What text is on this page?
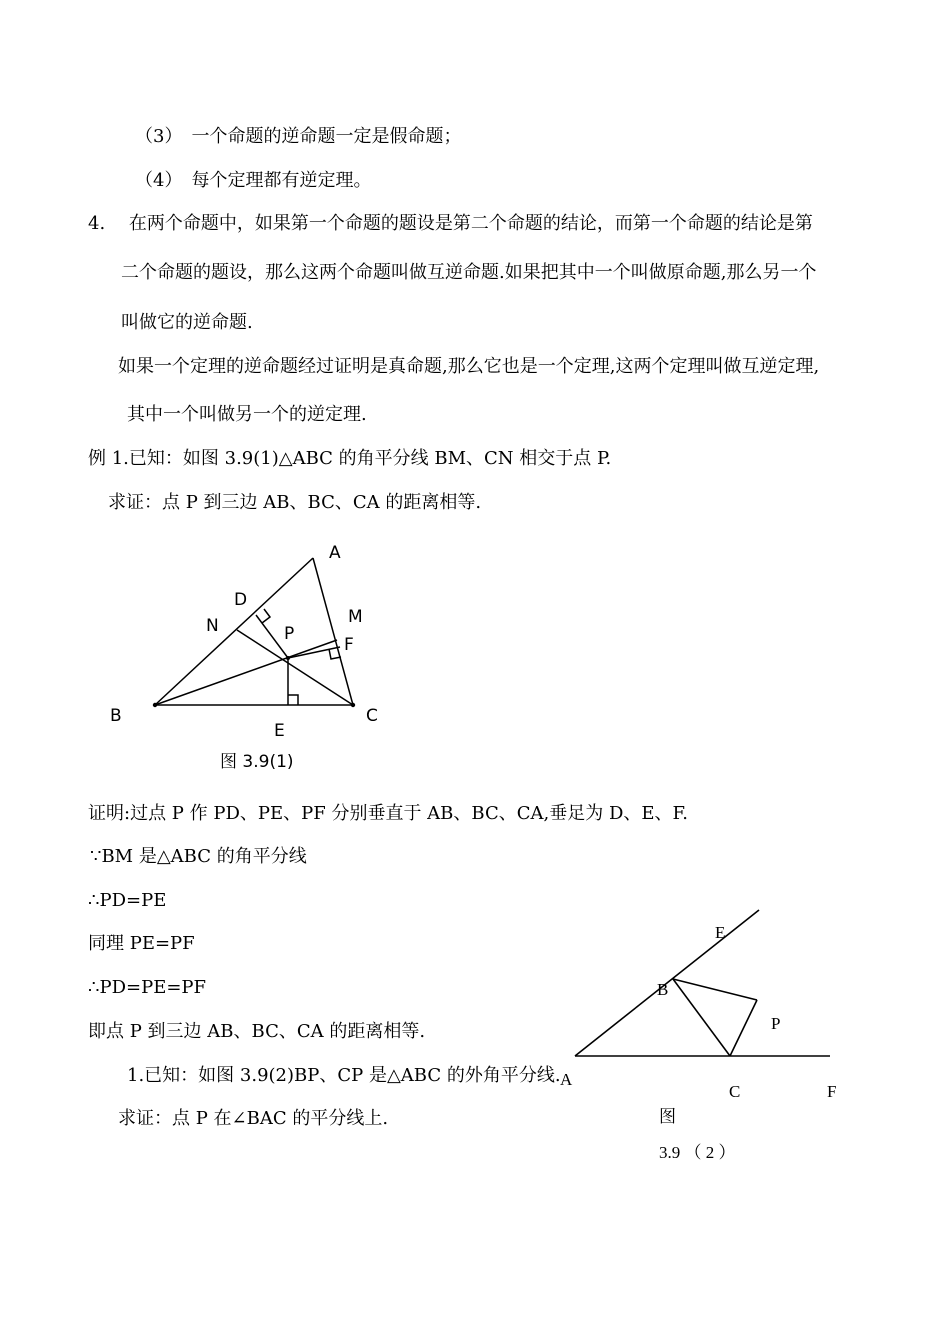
（3）　一个命题的逆命题一定是假命题；
（4）　每个定理都有逆定理。
4.　 在两个命题中，如果第一个命题的题设是第二个命题的结论，而第一个命题的结论是第
二个命题的题设，那么这两个命题叫做互逆命题.如果把其中一个叫做原命题,那么另一个
叫做它的逆命题.
如果一个定理的逆命题经过证明是真命题,那么它也是一个定理,这两个定理叫做互逆定理,
其中一个叫做另一个的逆定理.
例 1.已知：如图 3.9(1)△ABC 的角平分线 BM、CN 相交于点 P.
求证：点 P 到三边 AB、BC、CA 的距离相等.
A
B	C
D
E
F
M
N	P
图 3.9(1)
证明:过点 P 作 PD、PE、PF 分别垂直于 AB、BC、CA,垂足为 D、E、F.
∵BM 是△ABC 的角平分线
∴PD=PE
同理 PE=PF
∴PD=PE=PF
即点 P 到三边 AB、BC、CA 的距离相等.
1.已知：如图 3.9(2)BP、CP 是△ABC 的外角平分线.
求证：点 P 在∠BAC 的平分线上.
A
B
C
E
F
P
图
3.9 （ 2 ）
